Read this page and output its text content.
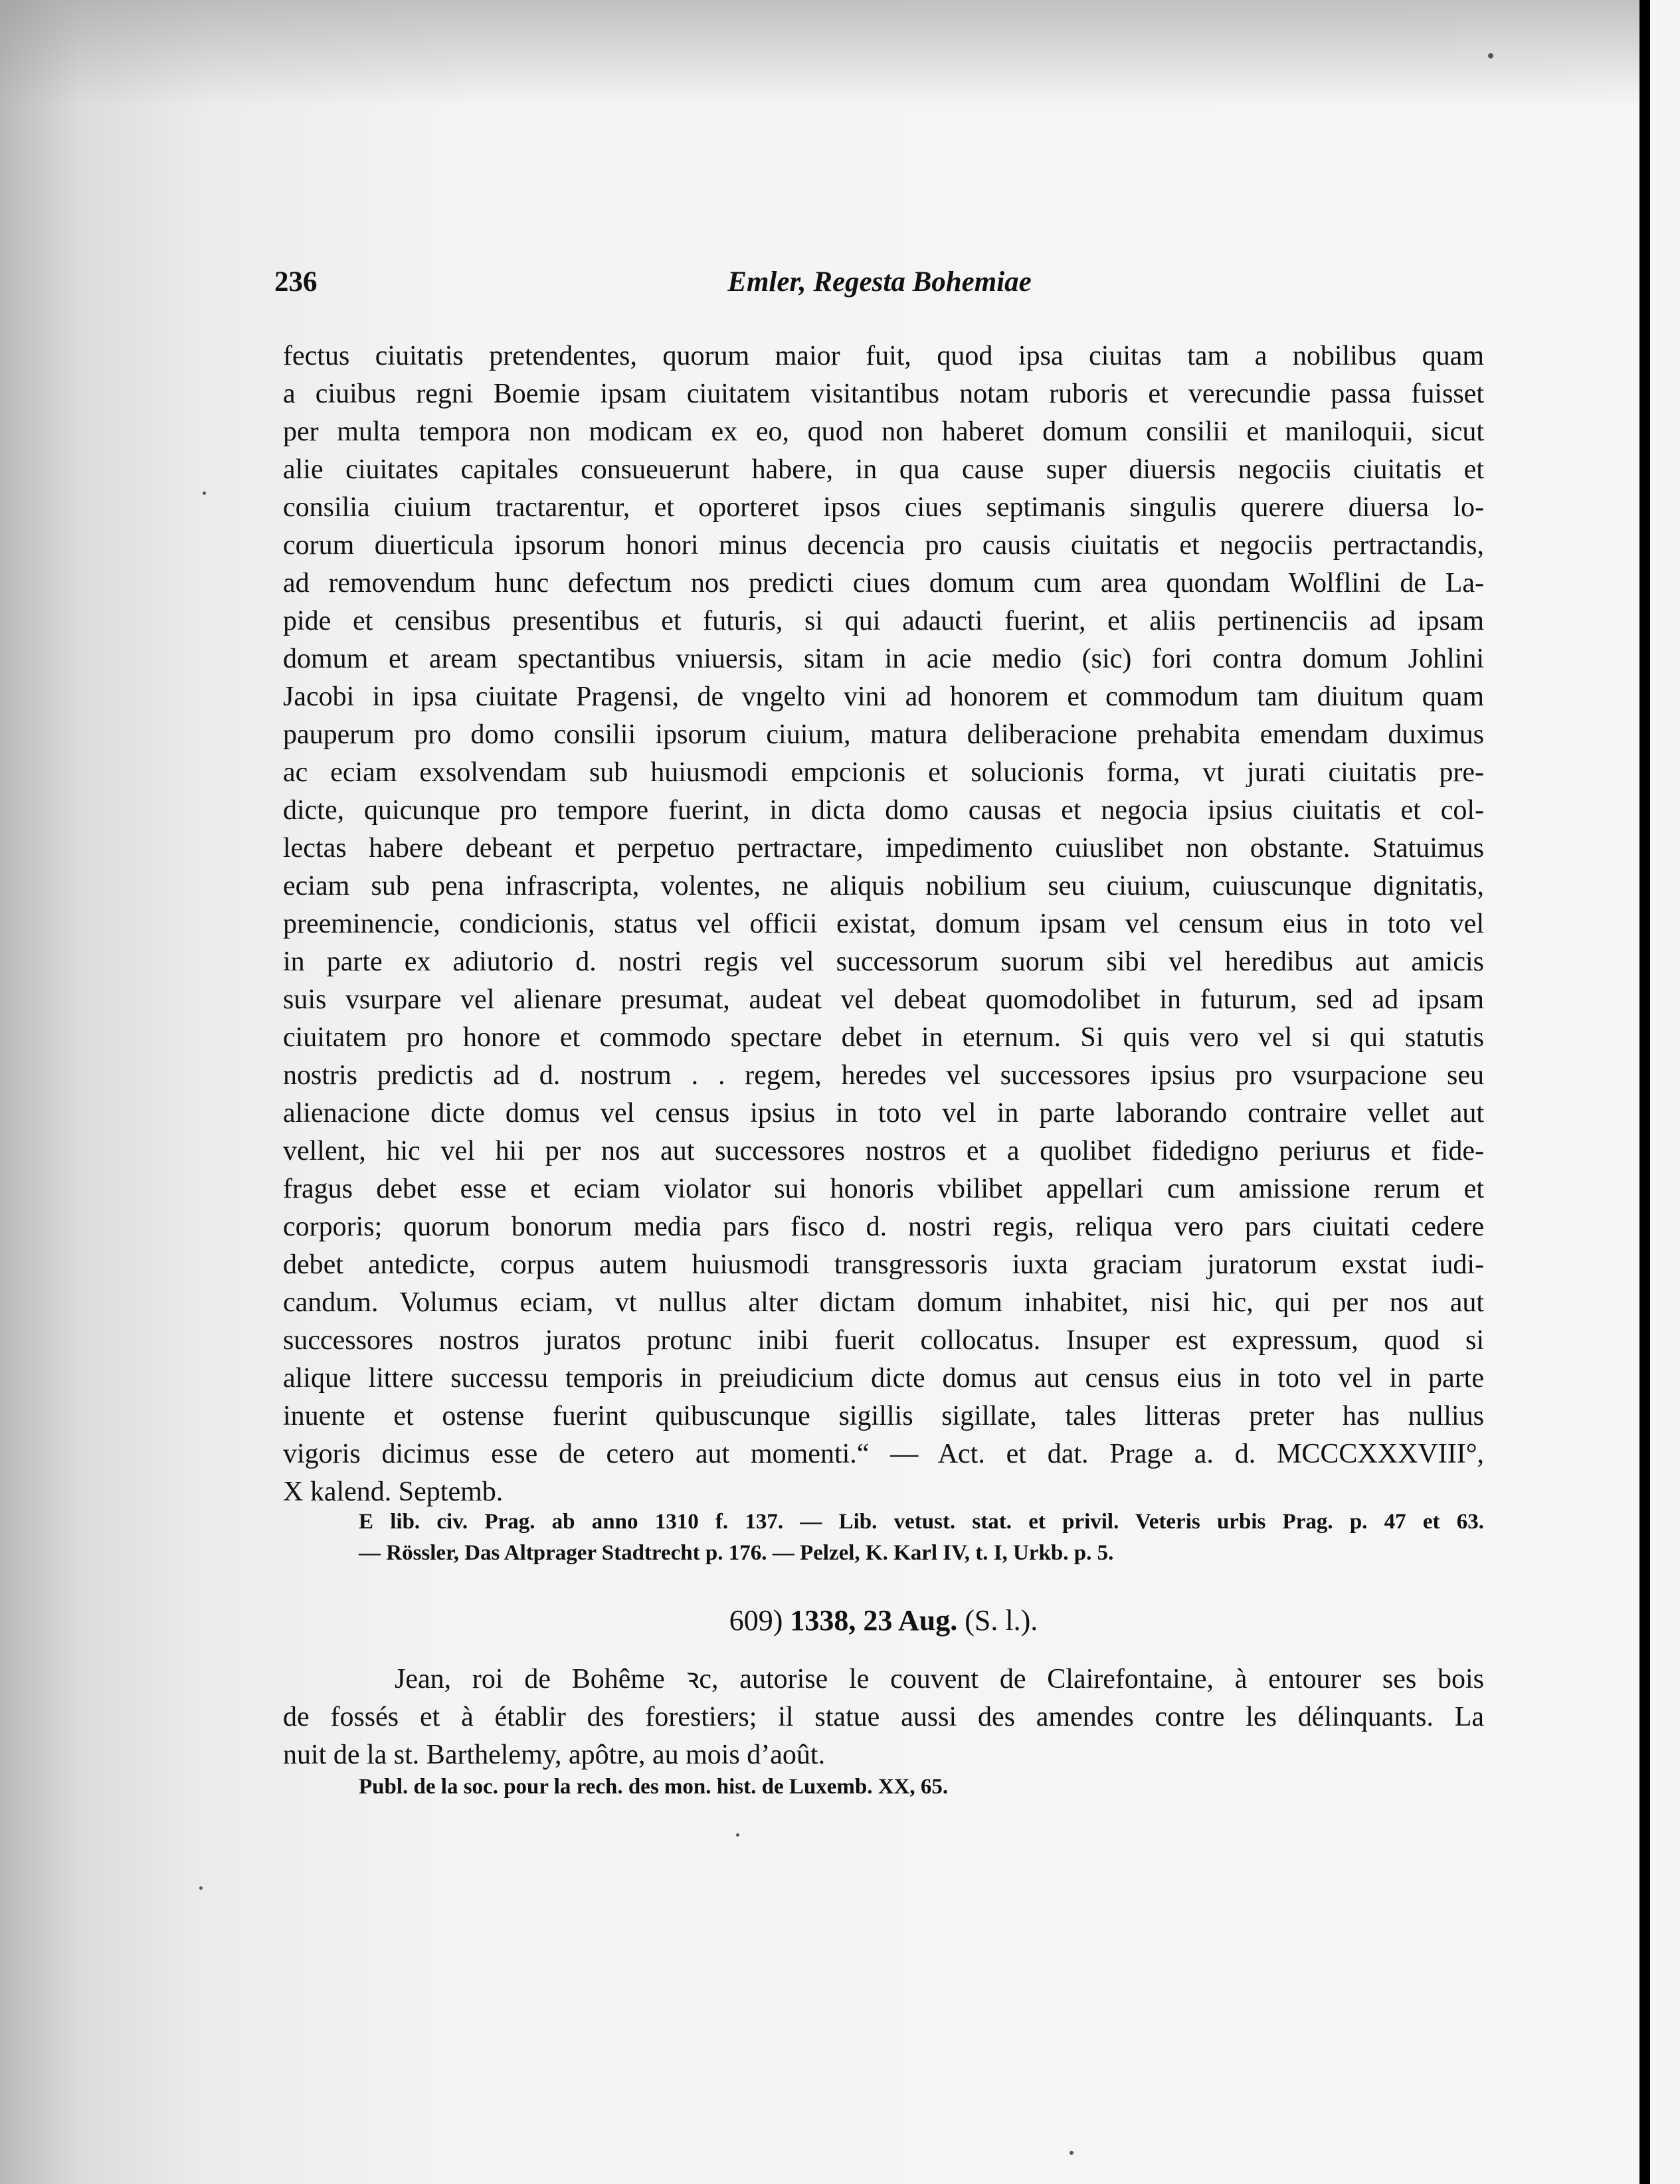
236	Emler, Regesta Bohemiae
fectus ciuitatis pretendentes, quorum maior fuit, quod ipsa ciuitas tam a nobilibus quam
a ciuibus regni Boemie ipsam ciuitatem visitantibus notam ruboris et verecundie passa fuisset
per multa tempora non modicam ex eo, quod non haberet domum consilii et maniloquii, sicut
alie ciuitates capitales consueuerunt habere, in qua cause super diuersis negociis ciuitatis et
consilia ciuium tractarentur, et oporteret ipsos ciues septimanis singulis querere diuersa lo-
corum diuerticula ipsorum honori minus decencia pro causis ciuitatis et negociis pertractandis,
ad removendum hunc defectum nos predicti ciues domum cum area quondam Wolflini de La-
pide et censibus presentibus et futuris, si qui adaucti fuerint, et aliis pertinenciis ad ipsam
domum et aream spectantibus vniuersis, sitam in acie medio (sic) fori contra domum Johlini
Jacobi in ipsa ciuitate Pragensi, de vngelto vini ad honorem et commodum tam diuitum quam
pauperum pro domo consilii ipsorum ciuium, matura deliberacione prehabita emendam duximus
ac eciam exsolvendam sub huiusmodi empcionis et solucionis forma, vt jurati ciuitatis pre-
dicte, quicunque pro tempore fuerint, in dicta domo causas et negocia ipsius ciuitatis et col-
lectas habere debeant et perpetuo pertractare, impedimento cuiuslibet non obstante. Statuimus
eciam sub pena infrascripta, volentes, ne aliquis nobilium seu ciuium, cuiuscunque dignitatis,
preeminencie, condicionis, status vel officii existat, domum ipsam vel censum eius in toto vel
in parte ex adiutorio d. nostri regis vel successorum suorum sibi vel heredibus aut amicis
suis vsurpare vel alienare presumat, audeat vel debeat quomodolibet in futurum, sed ad ipsam
ciuitatem pro honore et commodo spectare debet in eternum. Si quis vero vel si qui statutis
nostris predictis ad d. nostrum . . regem, heredes vel successores ipsius pro vsurpacione seu
alienacione dicte domus vel census ipsius in toto vel in parte laborando contraire vellet aut
vellent, hic vel hii per nos aut successores nostros et a quolibet fidedigno periurus et fide-
fragus debet esse et eciam violator sui honoris vbilibet appellari cum amissione rerum et
corporis; quorum bonorum media pars fisco d. nostri regis, reliqua vero pars ciuitati cedere
debet antedicte, corpus autem huiusmodi transgressoris iuxta graciam juratorum exstat iudi-
candum. Volumus eciam, vt nullus alter dictam domum inhabitet, nisi hic, qui per nos aut
successores nostros juratos protunc inibi fuerit collocatus. Insuper est expressum, quod si
alique littere successu temporis in preiudicium dicte domus aut census eius in toto vel in parte
inuente et ostense fuerint quibuscunque sigillis sigillate, tales litteras preter has nullius
vigoris dicimus esse de cetero aut momenti.“ — Act. et dat. Prage a. d. MCCCXXXVIII°,
X kalend. Septemb.
E lib. civ. Prag. ab anno 1310 f. 137. — Lib. vetust. stat. et privil. Veteris urbis Prag. p. 47 et 63.
— Rössler, Das Altprager Stadtrecht p. 176. — Pelzel, K. Karl IV, t. I, Urkb. p. 5.
609) 1338, 23 Aug. (S. l.).
Jean, roi de Bohême ꝛc, autorise le couvent de Clairefontaine, à entourer ses bois
de fossés et à établir des forestiers; il statue aussi des amendes contre les délinquants. La
nuit de la st. Barthelemy, apôtre, au mois d’août.
Publ. de la soc. pour la rech. des mon. hist. de Luxemb. XX, 65.
